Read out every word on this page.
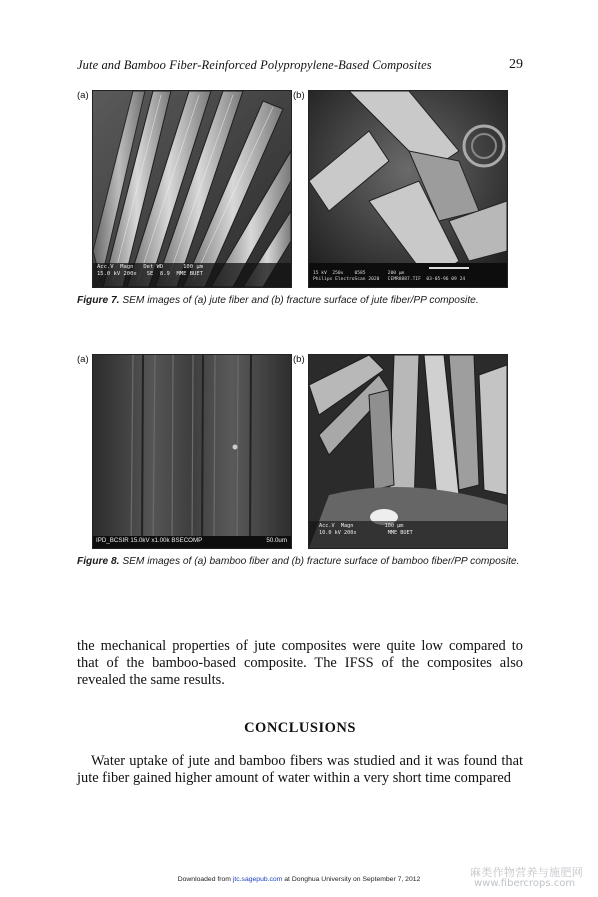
Jute and Bamboo Fiber-Reinforced Polypropylene-Based Composites	29
(a)
Acc.V  Magn   Det WD      100 µm
15.0 kV 200x   SE  8.9  MME BUET
(b)
15 kV  250x    0585        200 µm
Philips ElectroScan 2020   CEMR8887.TIF  03-05-96 09 24
Figure 7. SEM images of (a) jute fiber and (b) fracture surface of jute fiber/PP composite.
(a)
IPD_BCSIR 15.0kV x1.00k BSECOMP	50.0um
(b)
Acc.V  Magn          100 µm
10.0 kV 200x          MME BUET
Figure 8. SEM images of (a) bamboo fiber and (b) fracture surface of bamboo fiber/PP composite.
the mechanical properties of jute composites were quite low compared to that of the bamboo-based composite. The IFSS of the composites also revealed the same results.
CONCLUSIONS
Water uptake of jute and bamboo fibers was studied and it was found that jute fiber gained higher amount of water within a very short time compared
Downloaded from jtc.sagepub.com at Donghua University on September 7, 2012
麻类作物营养与施肥网
www.fibercrops.com
